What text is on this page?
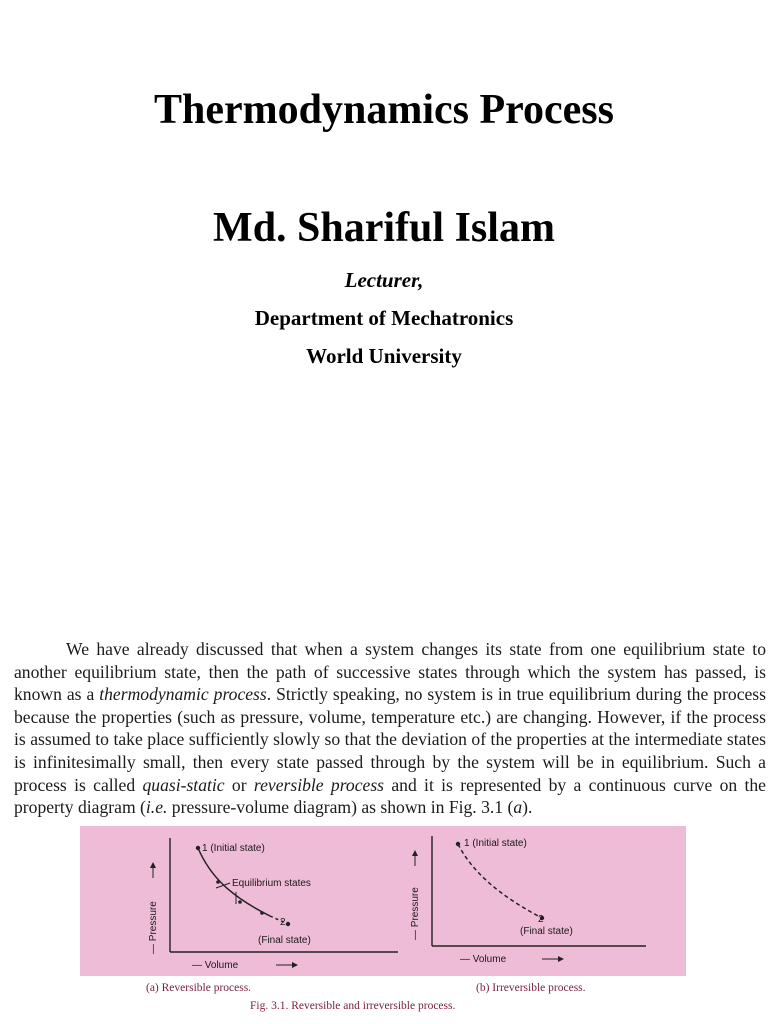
Thermodynamics Process
Md. Shariful Islam
Lecturer,
Department of Mechatronics
World University

We have already discussed that when a system changes its state from one equilibrium state to another equilibrium state, then the path of successive states through which the system has passed, is known as a thermodynamic process. Strictly speaking, no system is in true equilibrium during the process because the properties (such as pressure, volume, temperature etc.) are changing. However, if the process is assumed to take place sufficiently slowly so that the deviation of the properties at the intermediate states is infinitesimally small, then every state passed through by the system will be in equilibrium. Such a process is called quasi-static or reversible process and it is represented by a continuous curve on the property diagram (i.e. pressure-volume diagram) as shown in Fig. 3.1 (a).

1 (Initial state)
Equilibrium states
2
(Final state)
— Pressure
— Volume
1 (Initial state)
2
(Final state)
— Pressure
— Volume
(a) Reversible process.	(b) Irreversible process.
Fig. 3.1. Reversible and irreversible process.
